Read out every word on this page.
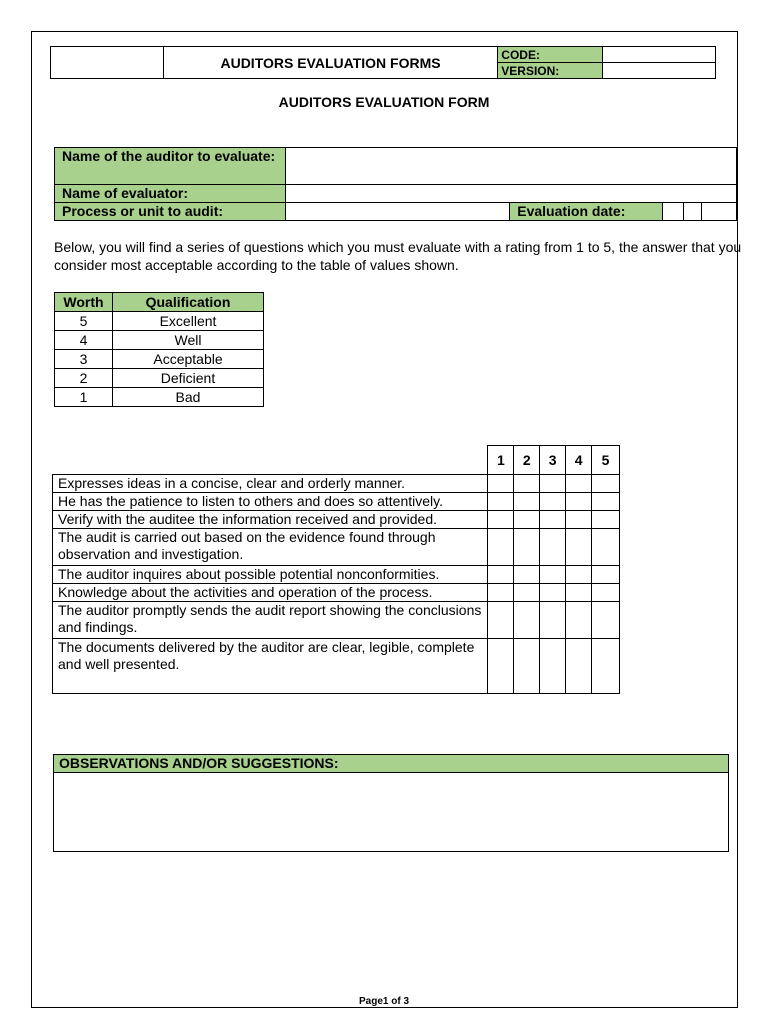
	AUDITORS EVALUATION FORMS	CODE:	
		VERSION:	
AUDITORS EVALUATION FORM
Name of the auditor to evaluate:					
Name of evaluator:					
Process or unit to audit:		Evaluation date:			
Below, you will find a series of questions which you must evaluate with a rating from 1 to 5, the answer that you consider most acceptable according to the table of values shown.
Worth	Qualification
5	Excellent
4	Well
3	Acceptable
2	Deficient
1	Bad
	1	2	3	4	5
Expresses ideas in a concise, clear and orderly manner.					
He has the patience to listen to others and does so attentively.					
Verify with the auditee the information received and provided.					
The audit is carried out based on the evidence found through observation and investigation.					
The auditor inquires about possible potential nonconformities.					
Knowledge about the activities and operation of the process.					
The auditor promptly sends the audit report showing the conclusions and findings.					
The documents delivered by the auditor are clear, legible, complete and well presented.					
OBSERVATIONS AND/OR SUGGESTIONS:
Page1 of 3
